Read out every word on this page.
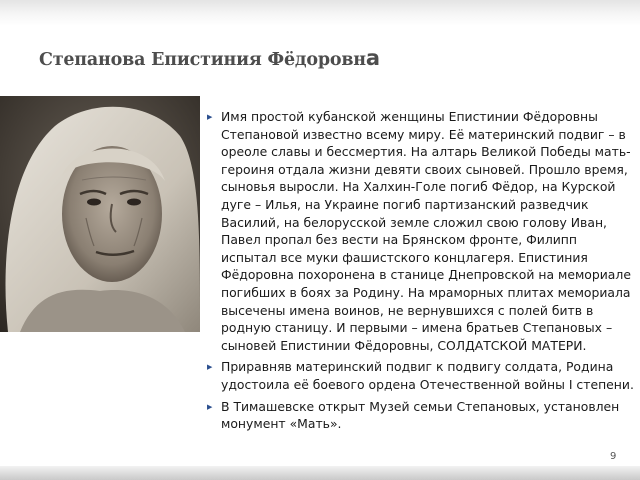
Степанова Епистиния Фёдоровна
▶ Имя простой кубанской женщины Епистинии Фёдоровны Степановой известно всему миру. Её материнский подвиг – в ореоле славы и бессмертия. На алтарь Великой Победы мать-героиня отдала жизни девяти своих сыновей. Прошло время, сыновья выросли. На Халхин-Голе погиб Фёдор, на Курской дуге – Илья, на Украине погиб партизанский разведчик Василий, на белорусской земле сложил свою голову Иван, Павел пропал без вести на Брянском фронте, Филипп испытал все муки фашистского концлагеря. Епистиния Фёдоровна похоронена в станице Днепровской на мемориале погибших в боях за Родину. На мраморных плитах мемориала высечены имена воинов, не вернувшихся с полей битв в родную станицу. И первыми – имена братьев Степановых – сыновей Епистинии Фёдоровны, СОЛДАТСКОЙ МАТЕРИ.
▶ Приравняв материнский подвиг к подвигу солдата, Родина удостоила её боевого ордена Отечественной войны I степени.
▶ В Тимашевске открыт Музей семьи Степановых, установлен монумент «Мать».
9
